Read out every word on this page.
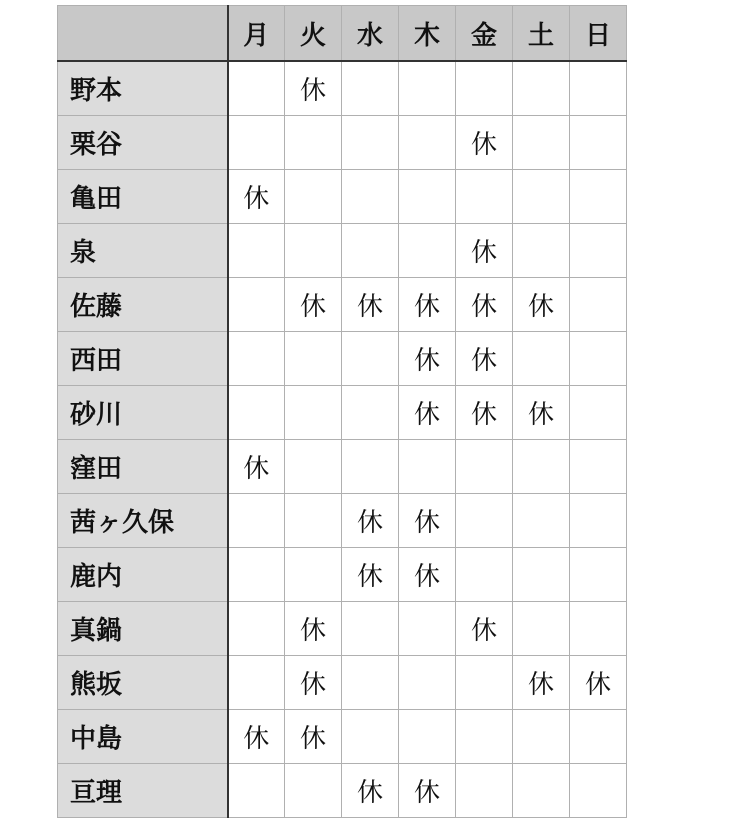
	月	火	水	木	金	土	日
野本		休					
栗谷					休		
亀田	休						
泉					休		
佐藤		休	休	休	休	休	
西田				休	休		
砂川				休	休	休	
窪田	休						
茜ヶ久保			休	休			
鹿内			休	休			
真鍋		休			休		
熊坂		休				休	休
中島	休	休					
亘理			休	休			
